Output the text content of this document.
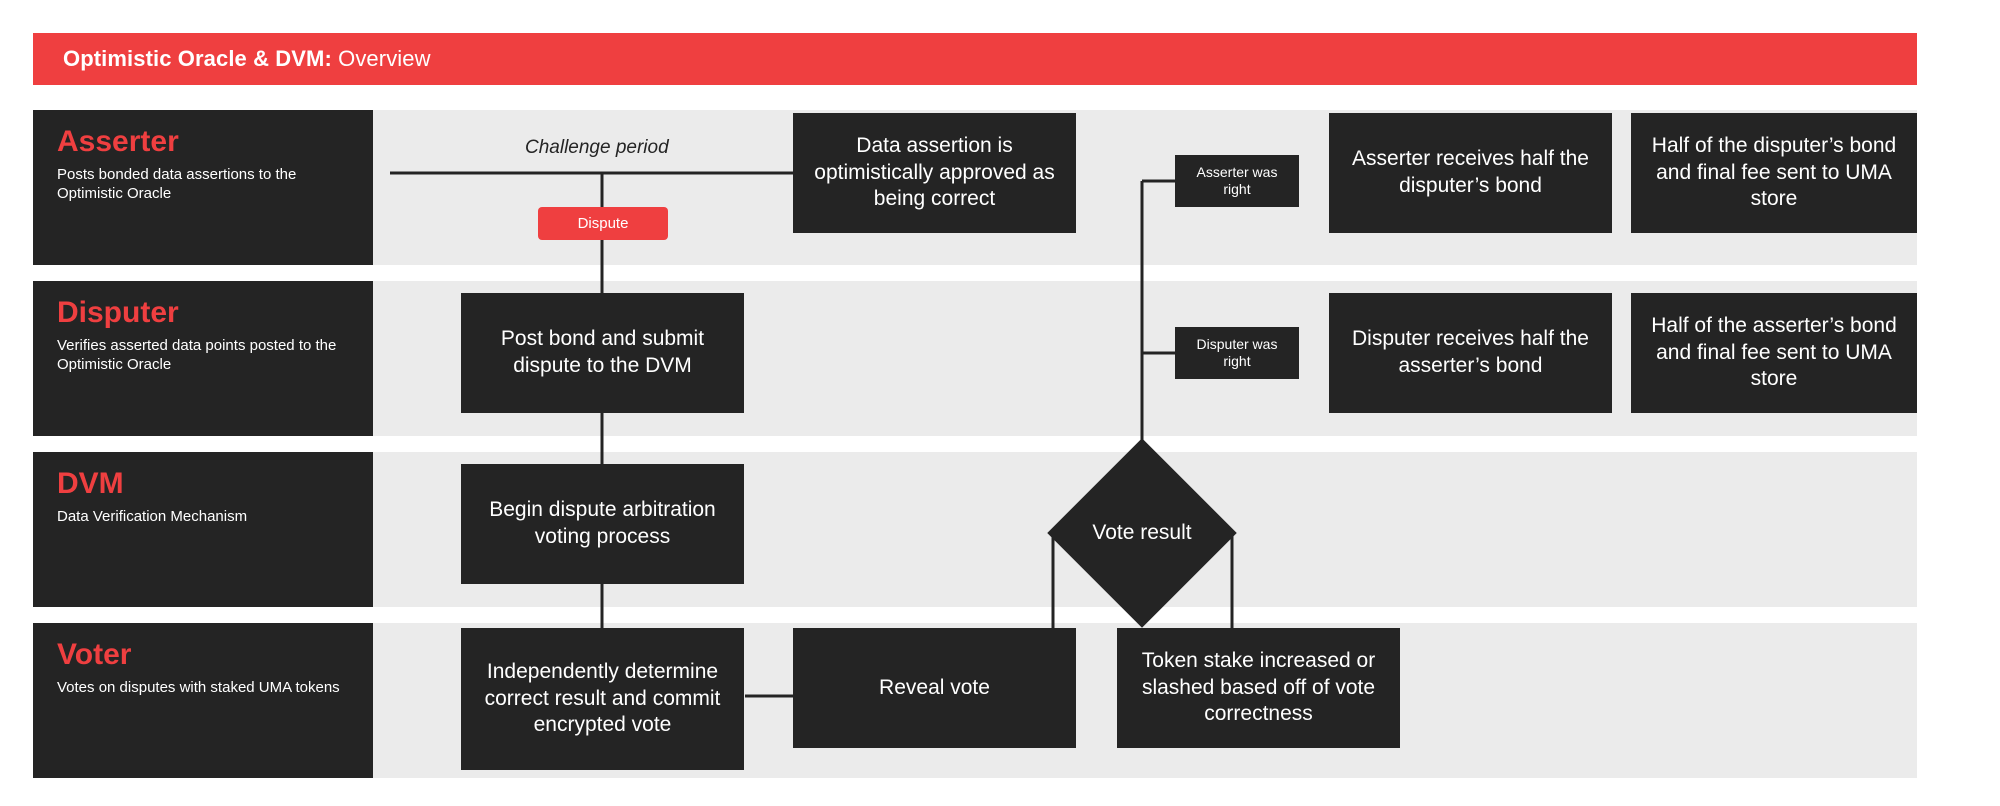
Optimistic Oracle & DVM: Overview
Asserter
Posts bonded data assertions to the Optimistic Oracle
Disputer
Verifies asserted data points posted to the Optimistic Oracle
DVM
Data Verification Mechanism
Voter
Votes on disputes with staked UMA tokens
Challenge period
Dispute
Data assertion is optimistically approved as being correct
Asserter was right
Asserter receives half the disputer’s bond
Half of the disputer’s bond and final fee sent to UMA store
Post bond and submit dispute to the DVM
Disputer was right
Disputer receives half the asserter’s bond
Half of the asserter’s bond and final fee sent to UMA store
Begin dispute arbitration voting process	Vote result
Independently determine correct result and commit encrypted vote
Reveal vote
Token stake increased or slashed based off of vote correctness
